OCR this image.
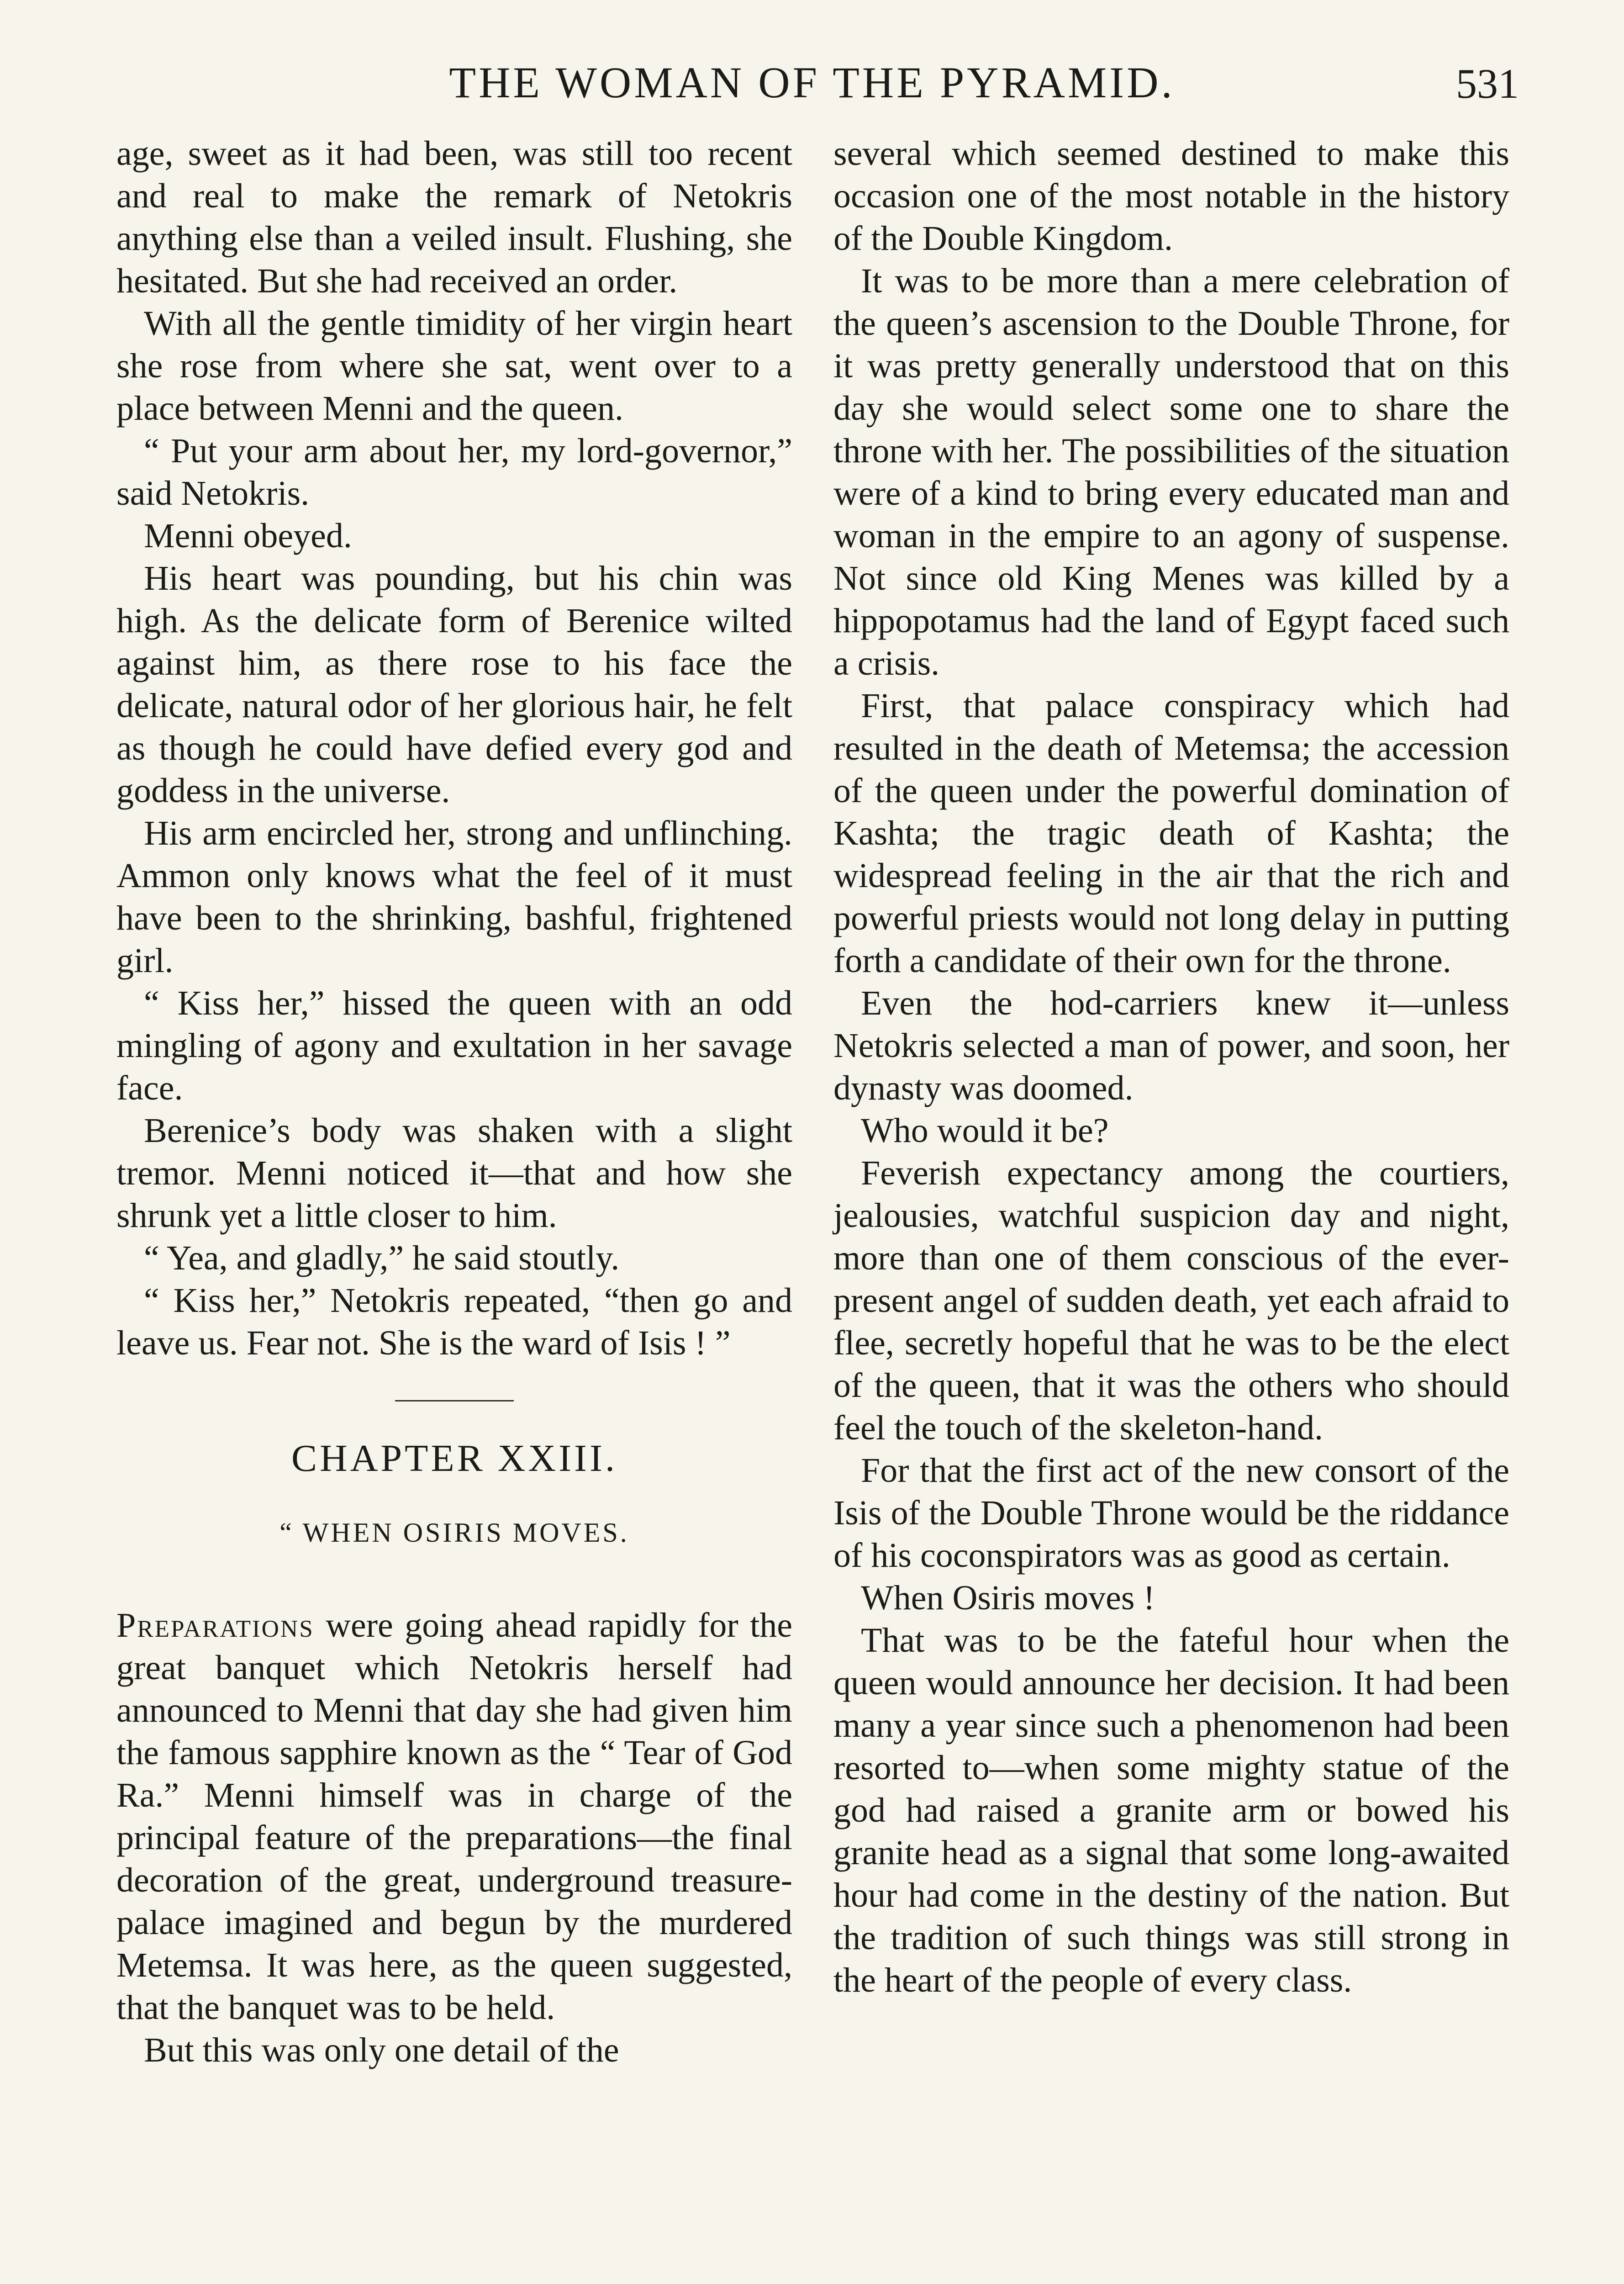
THE WOMAN OF THE PYRAMID.	531

age, sweet as it had been, was still too recent and real to make the remark of Netokris anything else than a veiled insult. Flushing, she hesitated. But she had received an order.

With all the gentle timidity of her virgin heart she rose from where she sat, went over to a place between Menni and the queen.

“ Put your arm about her, my lord-governor,” said Netokris.

Menni obeyed.

His heart was pounding, but his chin was high. As the delicate form of Berenice wilted against him, as there rose to his face the delicate, natural odor of her glorious hair, he felt as though he could have defied every god and goddess in the universe.

His arm encircled her, strong and unflinching. Ammon only knows what the feel of it must have been to the shrinking, bashful, frightened girl.

“ Kiss her,” hissed the queen with an odd mingling of agony and exultation in her savage face.

Berenice’s body was shaken with a slight tremor. Menni noticed it—that and how she shrunk yet a little closer to him.

“ Yea, and gladly,” he said stoutly.

“ Kiss her,” Netokris repeated, “then go and leave us. Fear not. She is the ward of Isis ! ”

CHAPTER XXIII.
“ WHEN OSIRIS MOVES.

Preparations were going ahead rapidly for the great banquet which Netokris herself had announced to Menni that day she had given him the famous sapphire known as the “ Tear of God Ra.” Menni himself was in charge of the principal feature of the preparations—the final decoration of the great, underground treasure-palace imagined and begun by the murdered Metemsa. It was here, as the queen suggested, that the banquet was to be held.

But this was only one detail of the

several which seemed destined to make this occasion one of the most notable in the history of the Double Kingdom.

It was to be more than a mere celebration of the queen’s ascension to the Double Throne, for it was pretty generally understood that on this day she would select some one to share the throne with her. The possibilities of the situation were of a kind to bring every educated man and woman in the empire to an agony of suspense. Not since old King Menes was killed by a hippopotamus had the land of Egypt faced such a crisis.

First, that palace conspiracy which had resulted in the death of Metemsa; the accession of the queen under the powerful domination of Kashta; the tragic death of Kashta; the widespread feeling in the air that the rich and powerful priests would not long delay in putting forth a candidate of their own for the throne.

Even the hod-carriers knew it—unless Netokris selected a man of power, and soon, her dynasty was doomed.

Who would it be?

Feverish expectancy among the courtiers, jealousies, watchful suspicion day and night, more than one of them conscious of the ever-present angel of sudden death, yet each afraid to flee, secretly hopeful that he was to be the elect of the queen, that it was the others who should feel the touch of the skeleton-hand.

For that the first act of the new consort of the Isis of the Double Throne would be the riddance of his coconspirators was as good as certain.

When Osiris moves !

That was to be the fateful hour when the queen would announce her decision. It had been many a year since such a phenomenon had been resorted to—when some mighty statue of the god had raised a granite arm or bowed his granite head as a signal that some long-awaited hour had come in the destiny of the nation. But the tradition of such things was still strong in the heart of the people of every class.
